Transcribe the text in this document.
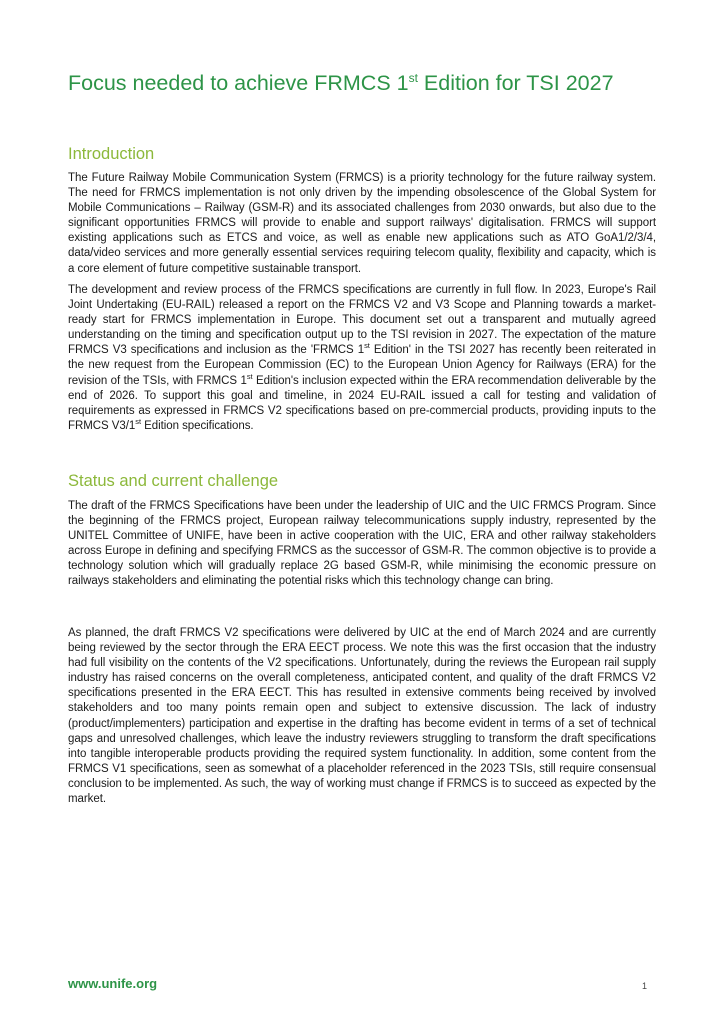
Focus needed to achieve FRMCS 1st Edition for TSI 2027
Introduction

The Future Railway Mobile Communication System (FRMCS) is a priority technology for the future railway system. The need for FRMCS implementation is not only driven by the impending obsolescence of the Global System for Mobile Communications – Railway (GSM-R) and its associated challenges from 2030 onwards, but also due to the significant opportunities FRMCS will provide to enable and support railways' digitalisation. FRMCS will support existing applications such as ETCS and voice, as well as enable new applications such as ATO GoA1/2/3/4, data/video services and more generally essential services requiring telecom quality, flexibility and capacity, which is a core element of future competitive sustainable transport.

The development and review process of the FRMCS specifications are currently in full flow. In 2023, Europe's Rail Joint Undertaking (EU-RAIL) released a report on the FRMCS V2 and V3 Scope and Planning towards a market-ready start for FRMCS implementation in Europe. This document set out a transparent and mutually agreed understanding on the timing and specification output up to the TSI revision in 2027. The expectation of the mature FRMCS V3 specifications and inclusion as the 'FRMCS 1st Edition' in the TSI 2027 has recently been reiterated in the new request from the European Commission (EC) to the European Union Agency for Railways (ERA) for the revision of the TSIs, with FRMCS 1st Edition's inclusion expected within the ERA recommendation deliverable by the end of 2026. To support this goal and timeline, in 2024 EU-RAIL issued a call for testing and validation of requirements as expressed in FRMCS V2 specifications based on pre-commercial products, providing inputs to the FRMCS V3/1st Edition specifications.

Status and current challenge

The draft of the FRMCS Specifications have been under the leadership of UIC and the UIC FRMCS Program. Since the beginning of the FRMCS project, European railway telecommunications supply industry, represented by the UNITEL Committee of UNIFE, have been in active cooperation with the UIC, ERA and other railway stakeholders across Europe in defining and specifying FRMCS as the successor of GSM-R. The common objective is to provide a technology solution which will gradually replace 2G based GSM-R, while minimising the economic pressure on railways stakeholders and eliminating the potential risks which this technology change can bring.

As planned, the draft FRMCS V2 specifications were delivered by UIC at the end of March 2024 and are currently being reviewed by the sector through the ERA EECT process. We note this was the first occasion that the industry had full visibility on the contents of the V2 specifications. Unfortunately, during the reviews the European rail supply industry has raised concerns on the overall completeness, anticipated content, and quality of the draft FRMCS V2 specifications presented in the ERA EECT. This has resulted in extensive comments being received by involved stakeholders and too many points remain open and subject to extensive discussion. The lack of industry (product/implementers) participation and expertise in the drafting has become evident in terms of a set of technical gaps and unresolved challenges, which leave the industry reviewers struggling to transform the draft specifications into tangible interoperable products providing the required system functionality. In addition, some content from the FRMCS V1 specifications, seen as somewhat of a placeholder referenced in the 2023 TSIs, still require consensual conclusion to be implemented. As such, the way of working must change if FRMCS is to succeed as expected by the market.

www.unife.org	1
